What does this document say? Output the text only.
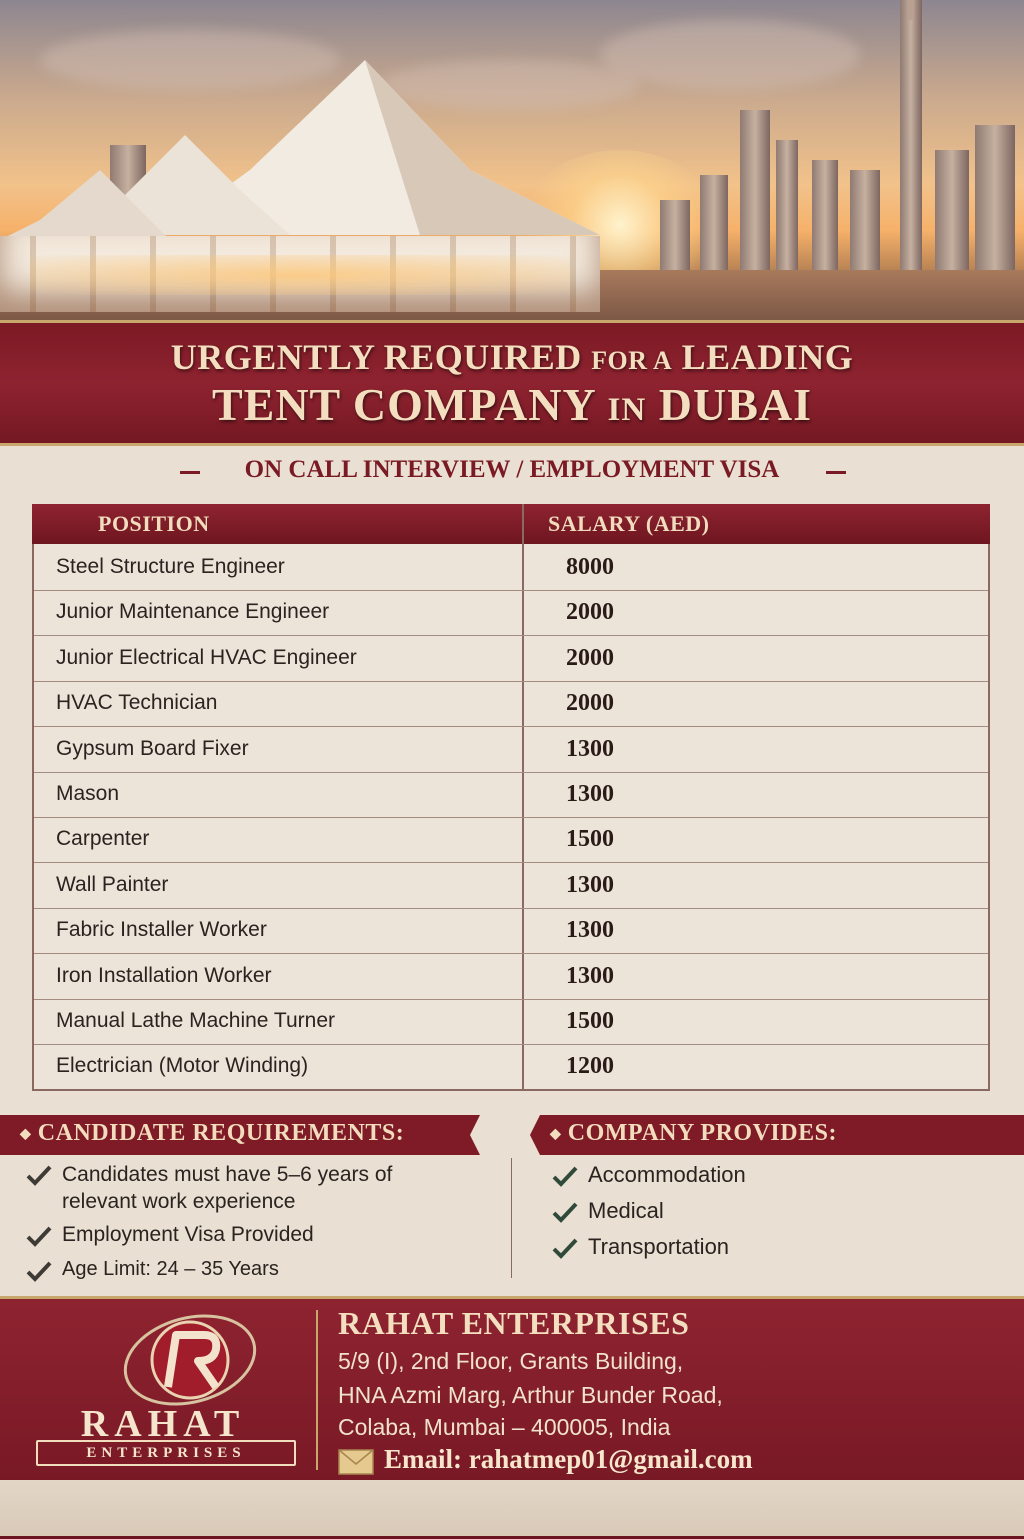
URGENTLY REQUIRED FOR A LEADING
TENT COMPANY IN DUBAI
ON CALL INTERVIEW / EMPLOYMENT VISA
POSITION	SALARY (AED)
Steel Structure Engineer	8000
Junior Maintenance Engineer	2000
Junior Electrical HVAC Engineer	2000
HVAC Technician	2000
Gypsum Board Fixer	1300
Mason	1300
Carpenter	1500
Wall Painter	1300
Fabric Installer Worker	1300
Iron Installation Worker	1300
Manual Lathe Machine Turner	1500
Electrician (Motor Winding)	1200
◆ CANDIDATE REQUIREMENTS:	◆ COMPANY PROVIDES:
Candidates must have 5–6 years of
relevant work experience
Employment Visa Provided
Age Limit: 24 – 35 Years
Accommodation
Medical
Transportation
RAHAT
ENTERPRISES
RAHAT ENTERPRISES
5/9 (I), 2nd Floor, Grants Building,
HNA Azmi Marg, Arthur Bunder Road,
Colaba, Mumbai – 400005, India
Email: rahatmep01@gmail.com
